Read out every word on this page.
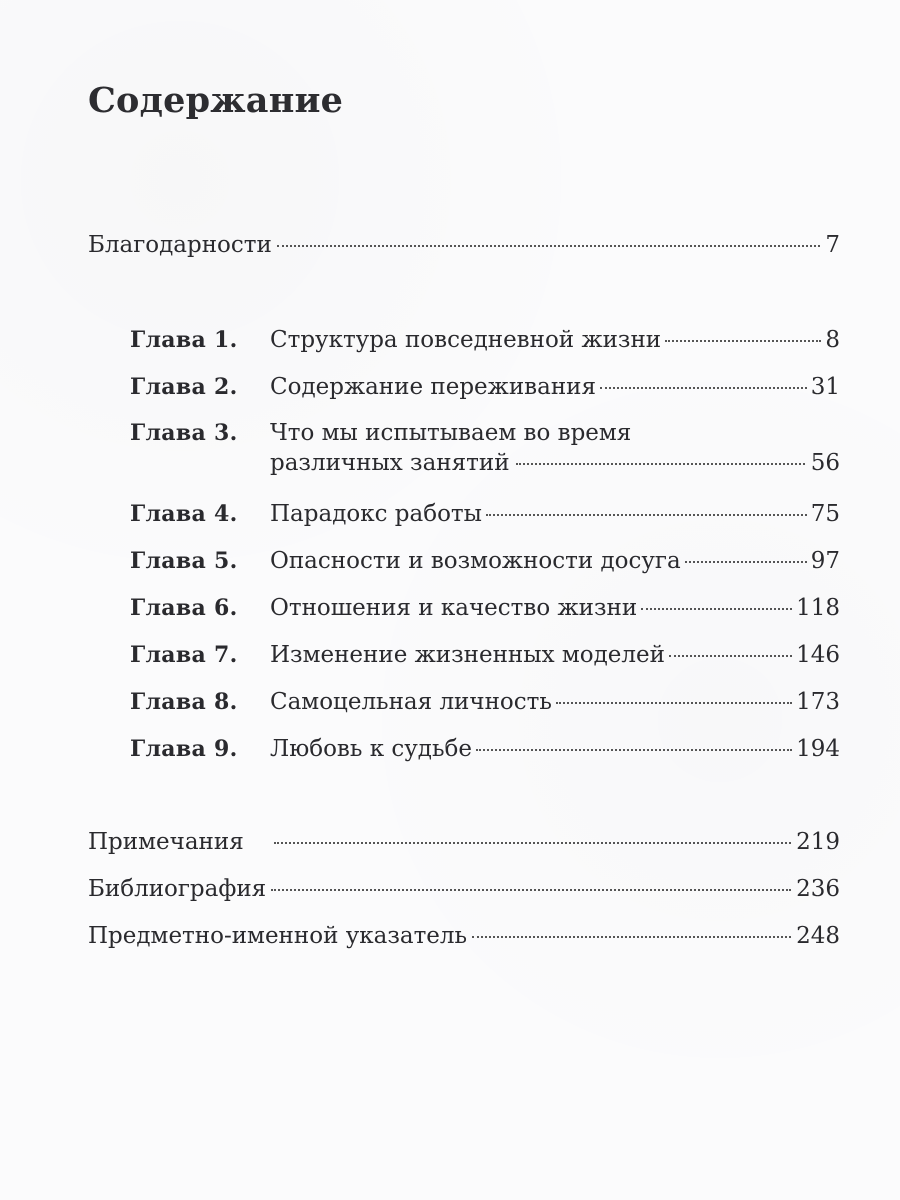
Содержание
Благодарности	7
Глава 1.	Структура повседневной жизни	8
Глава 2.	Содержание переживания	31
Глава 3.	Что мы испытываем во время
различных занятий	56
Глава 4.	Парадокс работы	75
Глава 5.	Опасности и возможности досуга	97
Глава 6.	Отношения и качество жизни	118
Глава 7.	Изменение жизненных моделей	146
Глава 8.	Самоцельная личность	173
Глава 9.	Любовь к судьбе	194
Примечания	219
Библиография	236
Предметно-именной указатель	248
